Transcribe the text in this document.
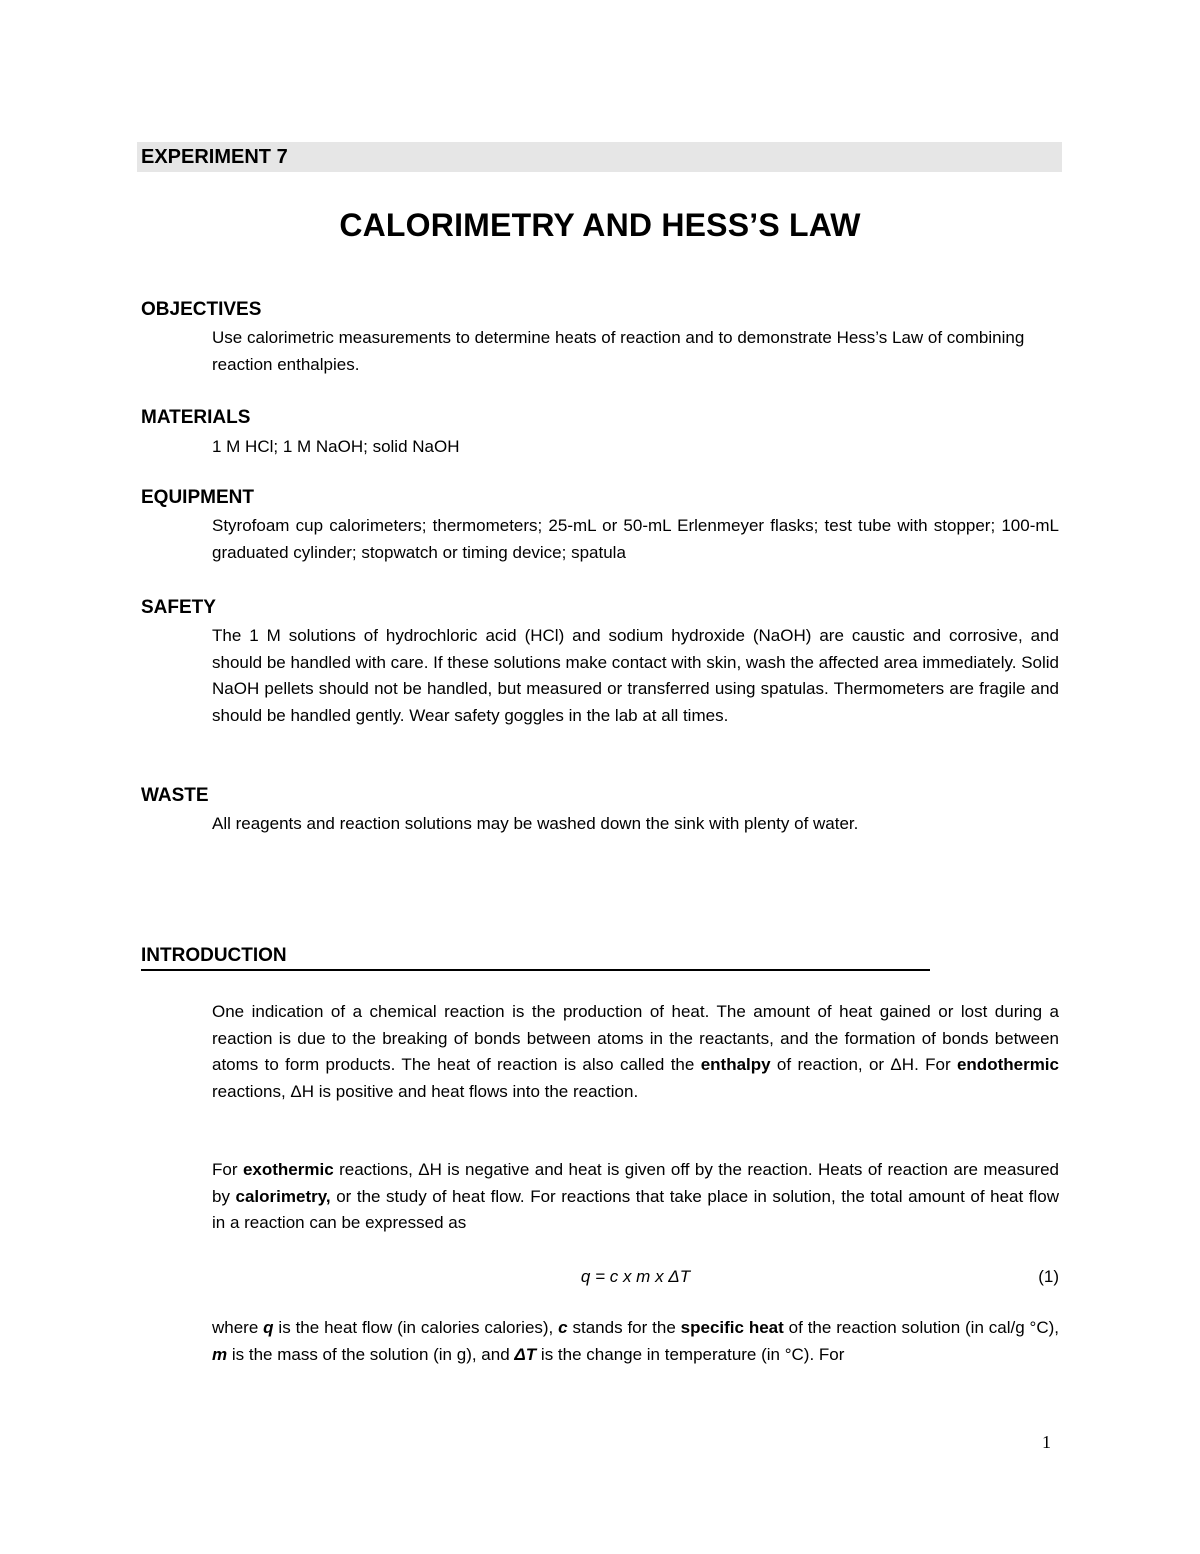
EXPERIMENT 7
CALORIMETRY AND HESS’S LAW
OBJECTIVES
Use calorimetric measurements to determine heats of reaction and to demonstrate Hess’s Law of combining reaction enthalpies.
MATERIALS
1 M HCl; 1 M NaOH; solid NaOH
EQUIPMENT
Styrofoam cup calorimeters; thermometers; 25-mL or 50-mL Erlenmeyer flasks; test tube with stopper; 100-mL graduated cylinder; stopwatch or timing device; spatula
SAFETY
The 1 M solutions of hydrochloric acid (HCl) and sodium hydroxide (NaOH) are caustic and corrosive, and should be handled with care. If these solutions make contact with skin, wash the affected area immediately. Solid NaOH pellets should not be handled, but measured or transferred using spatulas. Thermometers are fragile and should be handled gently. Wear safety goggles in the lab at all times.
WASTE
All reagents and reaction solutions may be washed down the sink with plenty of water.
INTRODUCTION
One indication of a chemical reaction is the production of heat. The amount of heat gained or lost during a reaction is due to the breaking of bonds between atoms in the reactants, and the formation of bonds between atoms to form products. The heat of reaction is also called the enthalpy of reaction, or ΔH. For endothermic reactions, ΔH is positive and heat flows into the reaction.
For exothermic reactions, ΔH is negative and heat is given off by the reaction. Heats of reaction are measured by calorimetry, or the study of heat flow. For reactions that take place in solution, the total amount of heat flow in a reaction can be expressed as
q = c x m x ΔT	(1)
where q is the heat flow (in calories calories), c stands for the specific heat of the reaction solution (in cal/g °C), m is the mass of the solution (in g), and ΔT is the change in temperature (in °C). For
1
